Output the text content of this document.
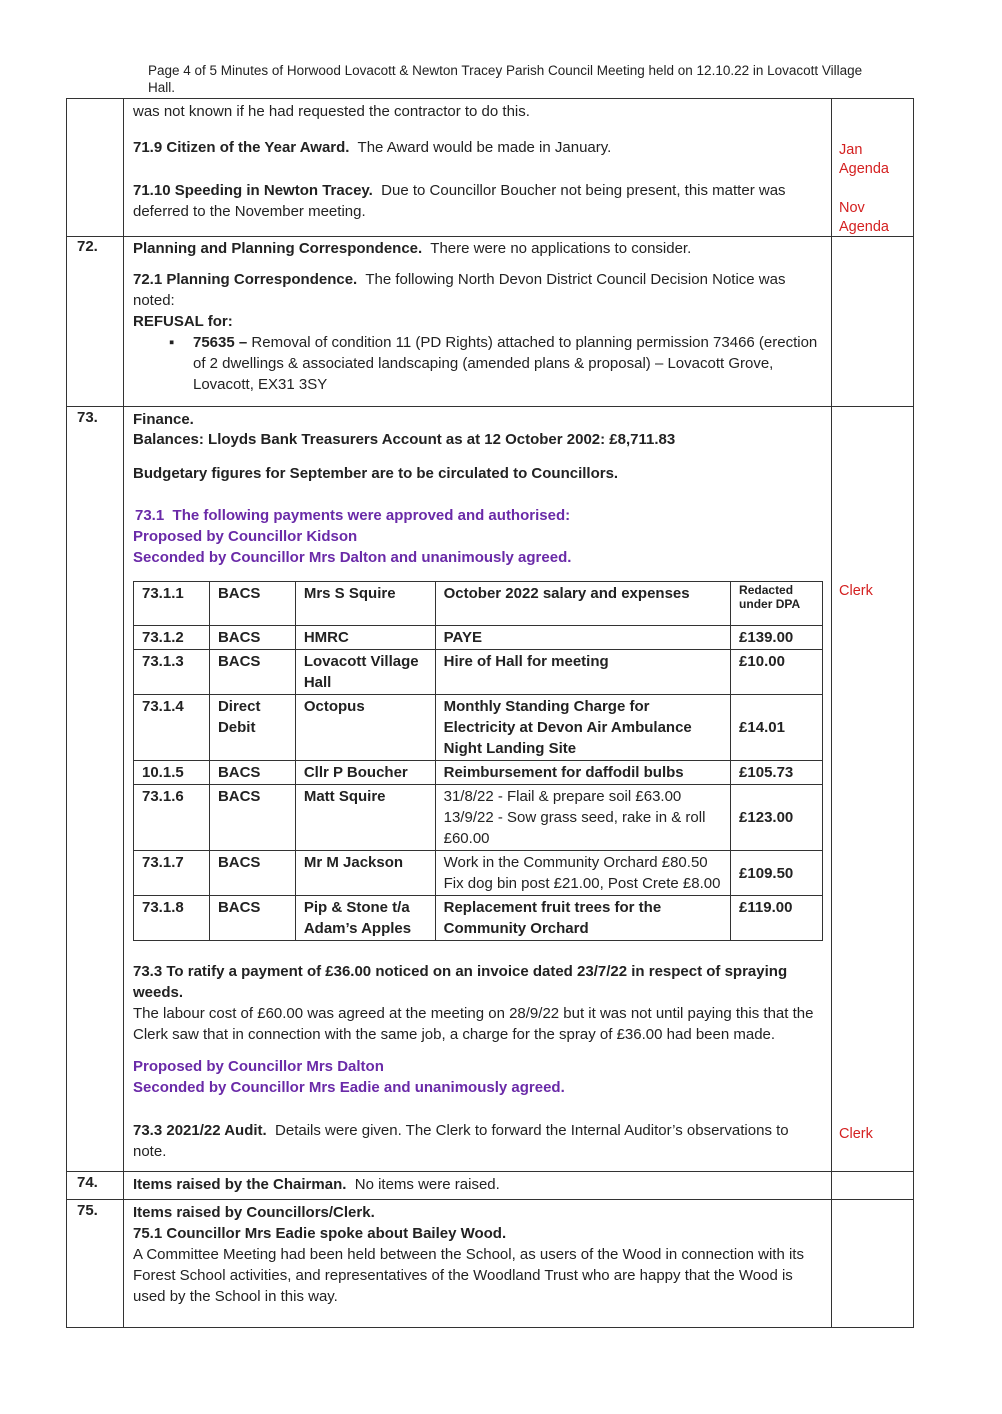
Page 4 of 5 Minutes of Horwood Lovacott & Newton Tracey Parish Council Meeting held on 12.10.22 in Lovacott Village Hall.
was not known if he had requested the contractor to do this.
71.9 Citizen of the Year Award. The Award would be made in January.
71.10 Speeding in Newton Tracey. Due to Councillor Boucher not being present, this matter was deferred to the November meeting.
Jan Agenda
Nov Agenda
72. Planning and Planning Correspondence. There were no applications to consider.
72.1 Planning Correspondence. The following North Devon District Council Decision Notice was noted:
REFUSAL for:
▪ 75635 – Removal of condition 11 (PD Rights) attached to planning permission 73466 (erection of 2 dwellings & associated landscaping (amended plans & proposal) – Lovacott Grove, Lovacott, EX31 3SY
73. Finance.
Balances: Lloyds Bank Treasurers Account as at 12 October 2002: £8,711.83
Budgetary figures for September are to be circulated to Councillors.
73.1 The following payments were approved and authorised:
Proposed by Councillor Kidson
Seconded by Councillor Mrs Dalton and unanimously agreed.
Clerk
73.1.1	BACS	Mrs S Squire	October 2022 salary and expenses	Redacted under DPA

73.1.2	BACS	HMRC	PAYE	£139.00
73.1.3	BACS	Lovacott Village Hall	Hire of Hall for meeting	£10.00
73.1.4	Direct Debit	Octopus	Monthly Standing Charge for Electricity at Devon Air Ambulance Night Landing Site	£14.01
10.1.5	BACS	Cllr P Boucher	Reimbursement for daffodil bulbs	£105.73
73.1.6	BACS	Matt Squire	31/8/22 - Flail & prepare soil £63.00
13/9/22 - Sow grass seed, rake in & roll £60.00	£123.00
73.1.7	BACS	Mr M Jackson	Work in the Community Orchard £80.50
Fix dog bin post £21.00, Post Crete £8.00	£109.50
73.1.8	BACS	Pip & Stone t/a Adam’s Apples	Replacement fruit trees for the Community Orchard	£119.00
73.3 To ratify a payment of £36.00 noticed on an invoice dated 23/7/22 in respect of spraying weeds.
The labour cost of £60.00 was agreed at the meeting on 28/9/22 but it was not until paying this that the Clerk saw that in connection with the same job, a charge for the spray of £36.00 had been made.
Proposed by Councillor Mrs Dalton
Seconded by Councillor Mrs Eadie and unanimously agreed.
73.3 2021/22 Audit. Details were given. The Clerk to forward the Internal Auditor’s observations to note.
Clerk
74. Items raised by the Chairman. No items were raised.
75. Items raised by Councillors/Clerk.
75.1 Councillor Mrs Eadie spoke about Bailey Wood.
A Committee Meeting had been held between the School, as users of the Wood in connection with its Forest School activities, and representatives of the Woodland Trust who are happy that the Wood is used by the School in this way.
